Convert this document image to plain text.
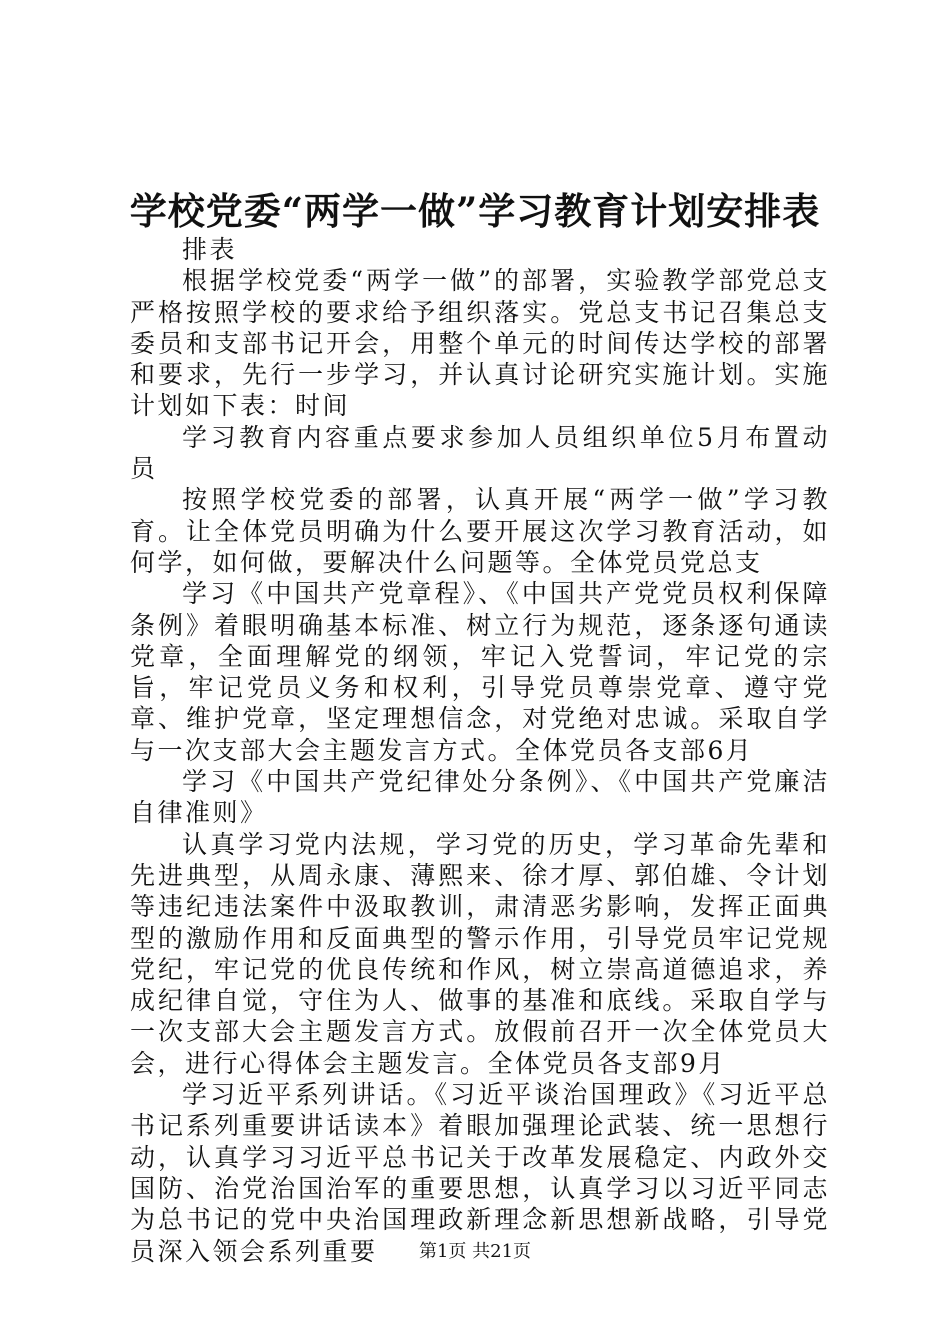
学校党委“两学一做”学习教育计划安排表

排表

根据学校党委“两学一做”的部署，实验教学部党总支严格按照学校的要求给予组织落实。党总支书记召集总支委员和支部书记开会，用整个单元的时间传达学校的部署和要求，先行一步学习，并认真讨论研究实施计划。实施计划如下表：时间

学习教育内容重点要求参加人员组织单位5月布置动员

按照学校党委的部署，认真开展“两学一做”学习教育。让全体党员明确为什么要开展这次学习教育活动，如何学，如何做，要解决什么问题等。全体党员党总支

学习《中国共产党章程》、《中国共产党党员权利保障条例》着眼明确基本标准、树立行为规范，逐条逐句通读党章，全面理解党的纲领，牢记入党誓词，牢记党的宗旨，牢记党员义务和权利，引导党员尊崇党章、遵守党章、维护党章，坚定理想信念，对党绝对忠诚。采取自学与一次支部大会主题发言方式。全体党员各支部6月

学习《中国共产党纪律处分条例》、《中国共产党廉洁自律准则》

认真学习党内法规，学习党的历史，学习革命先辈和先进典型，从周永康、薄熙来、徐才厚、郭伯雄、令计划等违纪违法案件中汲取教训，肃清恶劣影响，发挥正面典型的激励作用和反面典型的警示作用，引导党员牢记党规党纪，牢记党的优良传统和作风，树立崇高道德追求，养成纪律自觉，守住为人、做事的基准和底线。采取自学与一次支部大会主题发言方式。放假前召开一次全体党员大会，进行心得体会主题发言。全体党员各支部9月

学习近平系列讲话。《习近平谈治国理政》《习近平总书记系列重要讲话读本》着眼加强理论武装、统一思想行动，认真学习习近平总书记关于改革发展稳定、内政外交国防、治党治国治军的重要思想，认真学习以习近平同志为总书记的党中央治国理政新理念新思想新战略，引导党员深入领会系列重要	第1页 共21页
